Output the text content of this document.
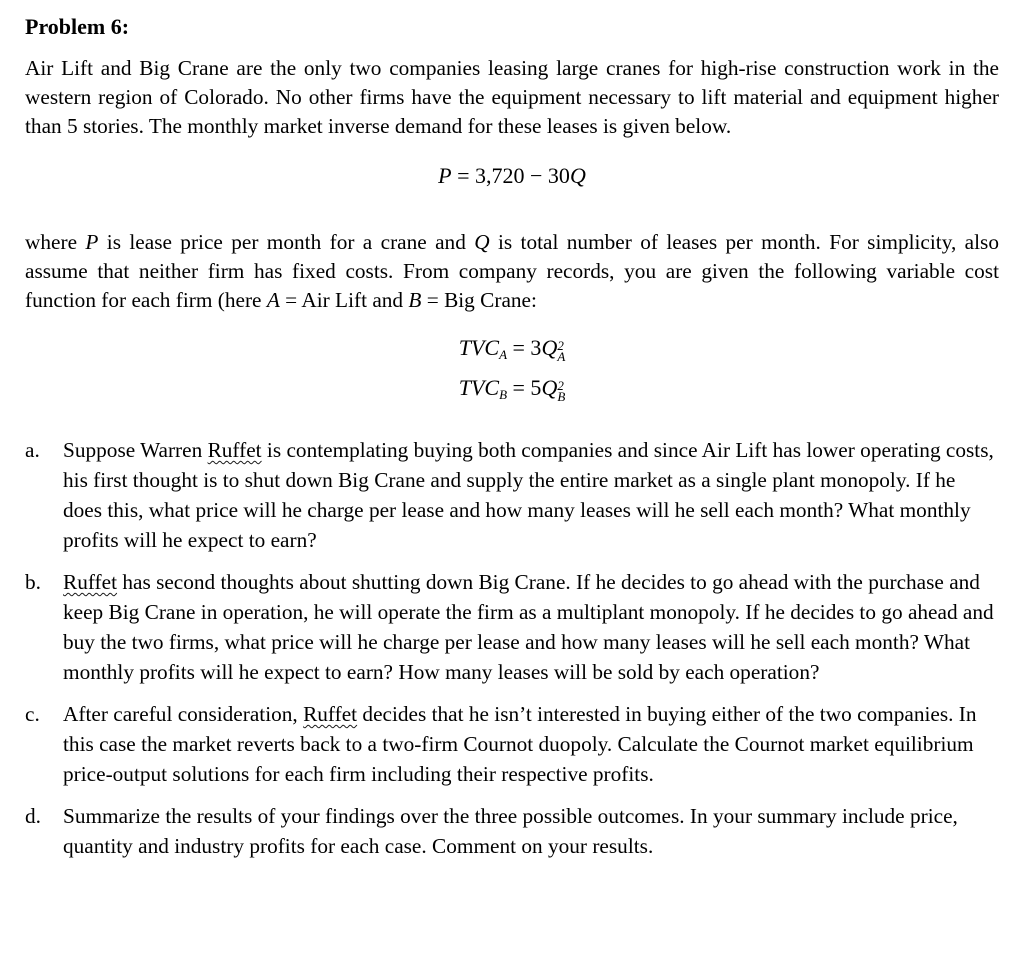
Problem 6:

Air Lift and Big Crane are the only two companies leasing large cranes for high-rise construction work in the western region of Colorado. No other firms have the equipment necessary to lift material and equipment higher than 5 stories. The monthly market inverse demand for these leases is given below.

P = 3,720 − 30Q

where P is lease price per month for a crane and Q is total number of leases per month. For simplicity, also assume that neither firm has fixed costs. From company records, you are given the following variable cost function for each firm (here A = Air Lift and B = Big Crane:

$TVC_A = 3Q$ 2
A
$TVC_B = 5Q$ 2
B
a. Suppose Warren Ruffet is contemplating buying both companies and since Air Lift has lower operating costs, his first thought is to shut down Big Crane and supply the entire market as a single plant monopoly. If he does this, what price will he charge per lease and how many leases will he sell each month? What monthly profits will he expect to earn?
b. Ruffet has second thoughts about shutting down Big Crane. If he decides to go ahead with the purchase and keep Big Crane in operation, he will operate the firm as a multiplant monopoly. If he decides to go ahead and buy the two firms, what price will he charge per lease and how many leases will he sell each month? What monthly profits will he expect to earn? How many leases will be sold by each operation?
c. After careful consideration, Ruffet decides that he isn’t interested in buying either of the two companies. In this case the market reverts back to a two-firm Cournot duopoly. Calculate the Cournot market equilibrium price-output solutions for each firm including their respective profits.
d. Summarize the results of your findings over the three possible outcomes. In your summary include price, quantity and industry profits for each case. Comment on your results.
